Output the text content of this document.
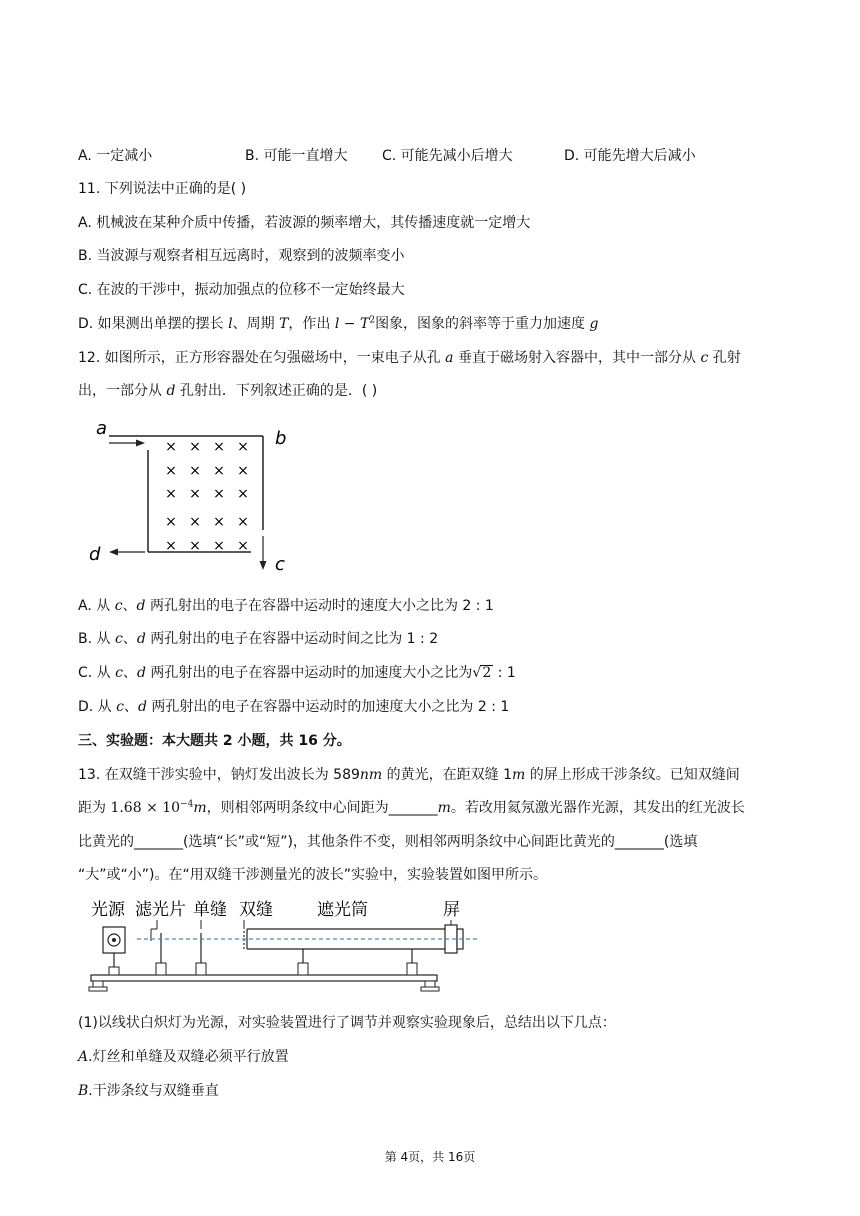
A. 一定减小	B. 可能一直增大 C. 可能先减小后增大	D. 可能先增大后减小
11. 下列说法中正确的是( )
A. 机械波在某种介质中传播，若波源的频率增大，其传播速度就一定增大
B. 当波源与观察者相互远离时，观察到的波频率变小
C. 在波的干涉中，振动加强点的位移不一定始终最大
D. 如果测出单摆的摆长 l、周期 T，作出 $l - T^2$图象，图象的斜率等于重力加速度 g
12. 如图所示，正方形容器处在匀强磁场中，一束电子从孔 a 垂直于磁场射入容器中，其中一部分从 c 孔射
出，一部分从 d 孔射出．下列叙述正确的是．( )
a	b
c
d
× × × ×
× × × ×
× × × ×
× × × ×
× × × ×
A. 从 c、d 两孔射出的电子在容器中运动时的速度大小之比为 2 : 1
B. 从 c、d 两孔射出的电子在容器中运动时间之比为 1 : 2
C. 从 c、d 两孔射出的电子在容器中运动时的加速度大小之比为√2 : 1
D. 从 c、d 两孔射出的电子在容器中运动时的加速度大小之比为 2 : 1
三、实验题：本大题共 2 小题，共 16 分。
13. 在双缝干涉实验中，钠灯发出波长为 589nm 的黄光，在距双缝 1m 的屏上形成干涉条纹。已知双缝间
距为 $1.68 \times 10^{-4}m$，则相邻两明条纹中心间距为_______m。若改用氦氖激光器作光源，其发出的红光波长
比黄光的_______(选填“长”或“短”)，其他条件不变，则相邻两明条纹中心间距比黄光的_______(选填
“大”或“小”)。在“用双缝干涉测量光的波长”实验中，实验装置如图甲所示。
光源 滤光片 单缝 双缝	遮光筒	屏
(1)以线状白炽灯为光源，对实验装置进行了调节并观察实验现象后，总结出以下几点：
A.灯丝和单缝及双缝必须平行放置
B.干涉条纹与双缝垂直
第 4页，共 16页
